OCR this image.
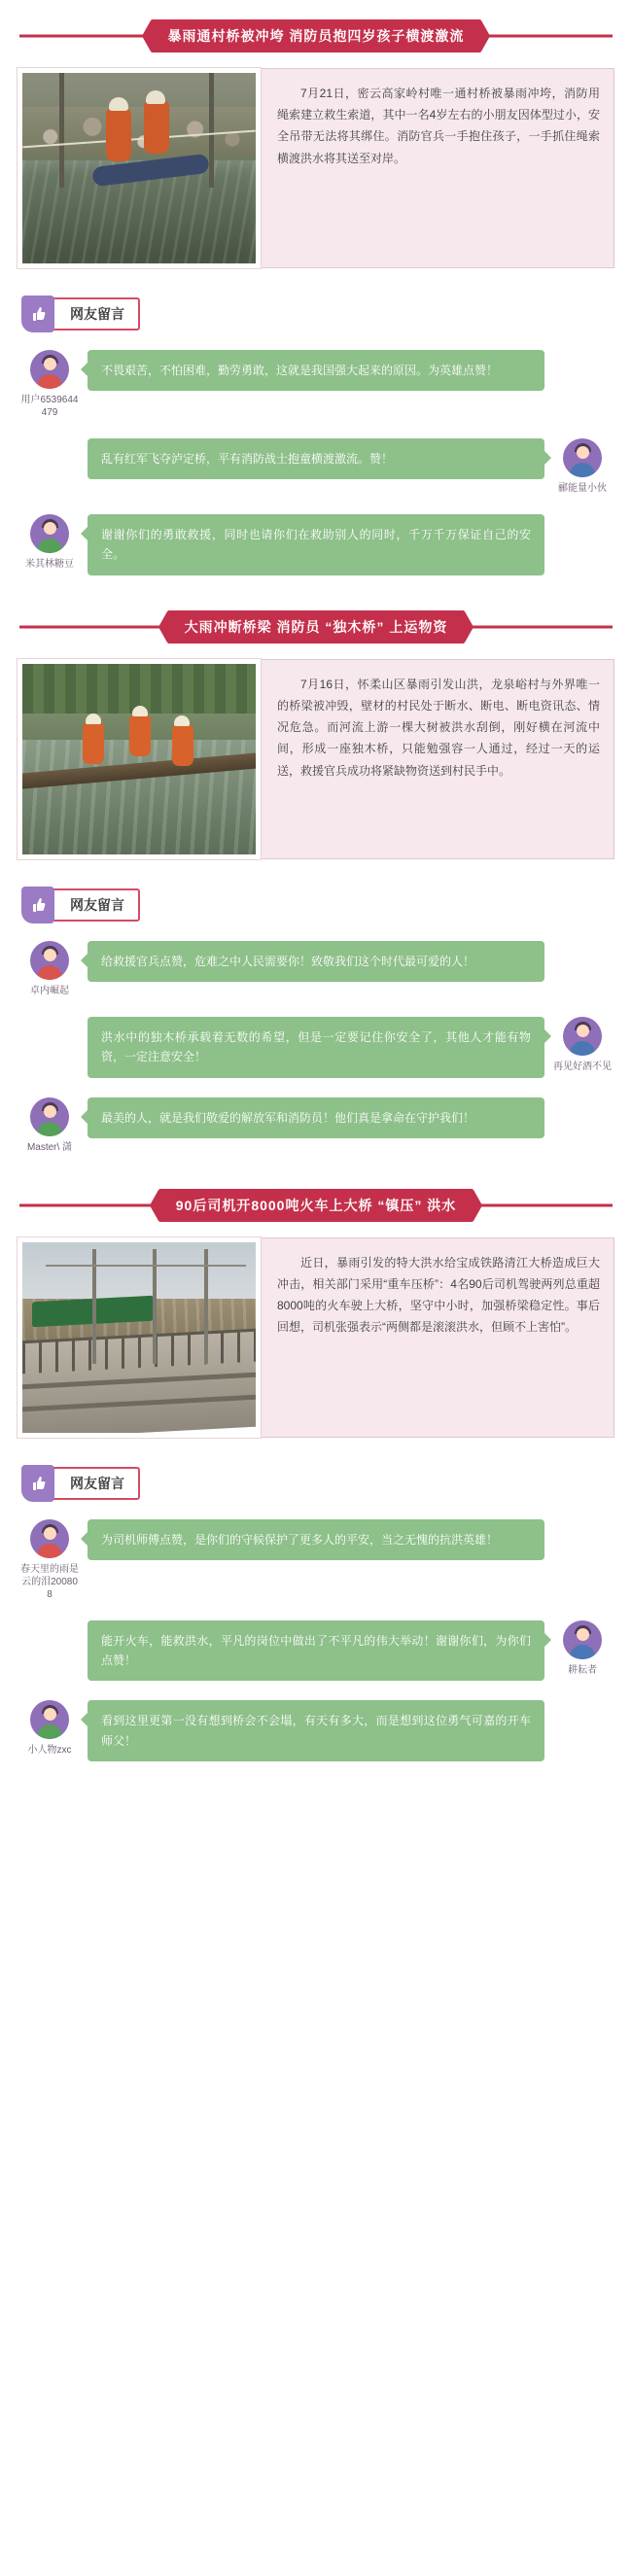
暴雨通村桥被冲垮 消防员抱四岁孩子横渡激流

7月21日，密云高家岭村唯一通村桥被暴雨冲垮，消防用绳索建立救生索道，其中一名4岁左右的小朋友因体型过小，安全吊带无法将其绑住。消防官兵一手抱住孩子，一手抓住绳索横渡洪水将其送至对岸。

网友留言
用户6539644479
不畏艰苦，不怕困难，勤劳勇敢，这就是我国强大起来的原因。为英雄点赞！
郦能量小伙
乱有红军飞夺泸定桥，平有消防战士抱童横渡激流。赞！
米其林糖豆
谢谢你们的勇敢救援，同时也请你们在救助别人的同时，千万千万保证自己的安全。
大雨冲断桥梁 消防员 “独木桥” 上运物资

7月16日，怀柔山区暴雨引发山洪，龙泉峪村与外界唯一的桥梁被冲毁，壁材的村民处于断水、断电、断电资讯态、情况危急。而河流上游一棵大树被洪水刮倒，刚好横在河流中间，形成一座独木桥，只能勉强容一人通过，经过一天的运送，救援官兵成功将紧缺物资送到村民手中。

网友留言
卓内崛起
给救援官兵点赞，危难之中人民需要你！致敬我们这个时代最可爱的人！
再见好酒不见
洪水中的独木桥承载着无数的希望，但是一定要记住你安全了，其他人才能有物资，一定注意安全！
Master\ 潇
最美的人，就是我们敬爱的解放军和消防员！他们真是拿命在守护我们！
90后司机开8000吨火车上大桥 “镇压” 洪水

近日，暴雨引发的特大洪水给宝成铁路清江大桥造成巨大冲击，相关部门采用“重车压桥”：4名90后司机驾驶两列总重超8000吨的火车驶上大桥，坚守中小时，加强桥梁稳定性。事后回想，司机张强表示“两侧都是滚滚洪水，但顾不上害怕”。

网友留言
春天里的雨是云的泪200808
为司机师傅点赞，是你们的守候保护了更多人的平安，当之无愧的抗洪英雄！
耕耘者
能开火车，能救洪水，平凡的岗位中做出了不平凡的伟大举动！谢谢你们，为你们点赞！
小人物zxc
看到这里更第一没有想到桥会不会塌，有天有多大，而是想到这位勇气可嘉的开车师父！
